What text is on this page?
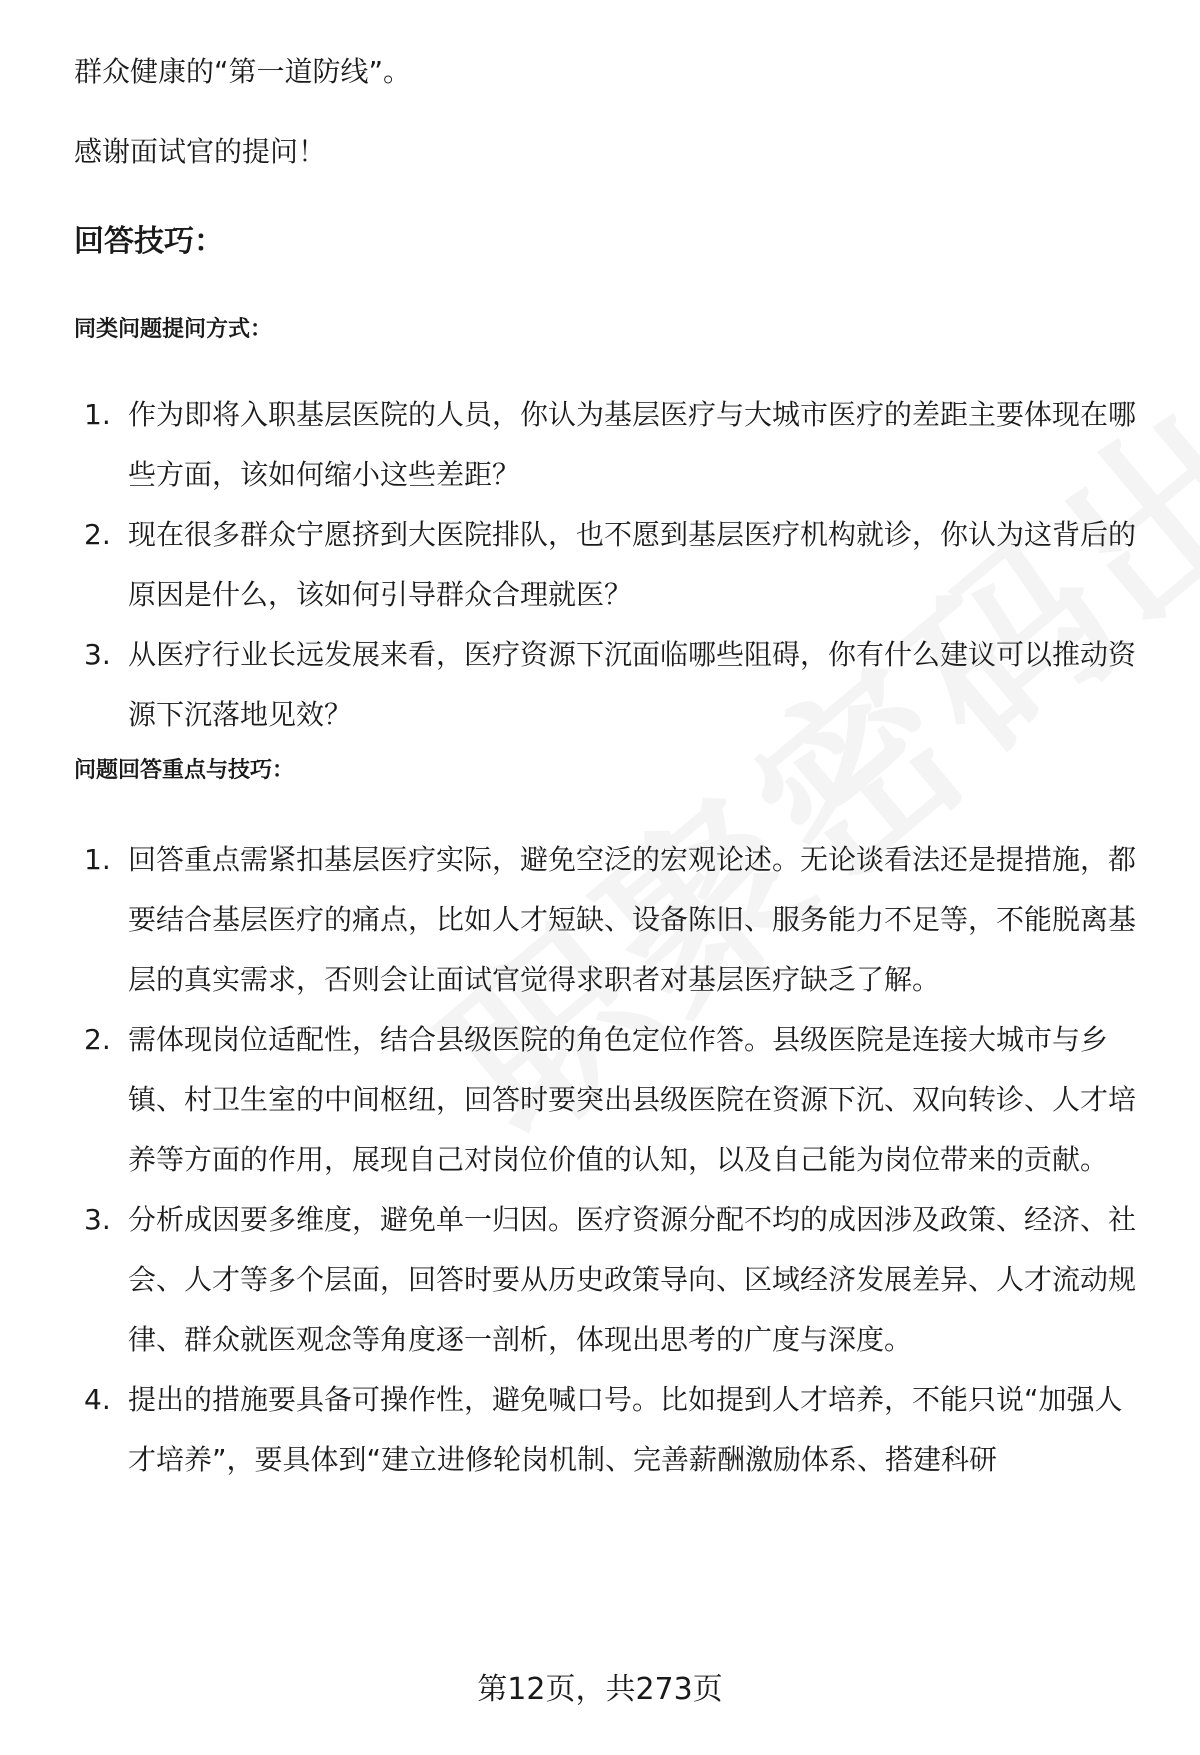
群众健康的“第一道防线”。

感谢面试官的提问！

回答技巧：
同类问题提问方式：
1. 作为即将入职基层医院的人员，你认为基层医疗与大城市医疗的差距主要体现在哪些方面，该如何缩小这些差距？
2. 现在很多群众宁愿挤到大医院排队，也不愿到基层医疗机构就诊，你认为这背后的原因是什么，该如何引导群众合理就医？
3. 从医疗行业长远发展来看，医疗资源下沉面临哪些阻碍，你有什么建议可以推动资源下沉落地见效？
问题回答重点与技巧：
1. 回答重点需紧扣基层医疗实际，避免空泛的宏观论述。无论谈看法还是提措施，都要结合基层医疗的痛点，比如人才短缺、设备陈旧、服务能力不足等，不能脱离基层的真实需求，否则会让面试官觉得求职者对基层医疗缺乏了解。
2. 需体现岗位适配性，结合县级医院的角色定位作答。县级医院是连接大城市与乡镇、村卫生室的中间枢纽，回答时要突出县级医院在资源下沉、双向转诊、人才培养等方面的作用，展现自己对岗位价值的认知，以及自己能为岗位带来的贡献。
3. 分析成因要多维度，避免单一归因。医疗资源分配不均的成因涉及政策、经济、社会、人才等多个层面，回答时要从历史政策导向、区域经济发展差异、人才流动规律、群众就医观念等角度逐一剖析，体现出思考的广度与深度。
4. 提出的措施要具备可操作性，避免喊口号。比如提到人才培养，不能只说“加强人才培养”，要具体到“建立进修轮岗机制、完善薪酬激励体系、搭建科研
第12页，共273页
